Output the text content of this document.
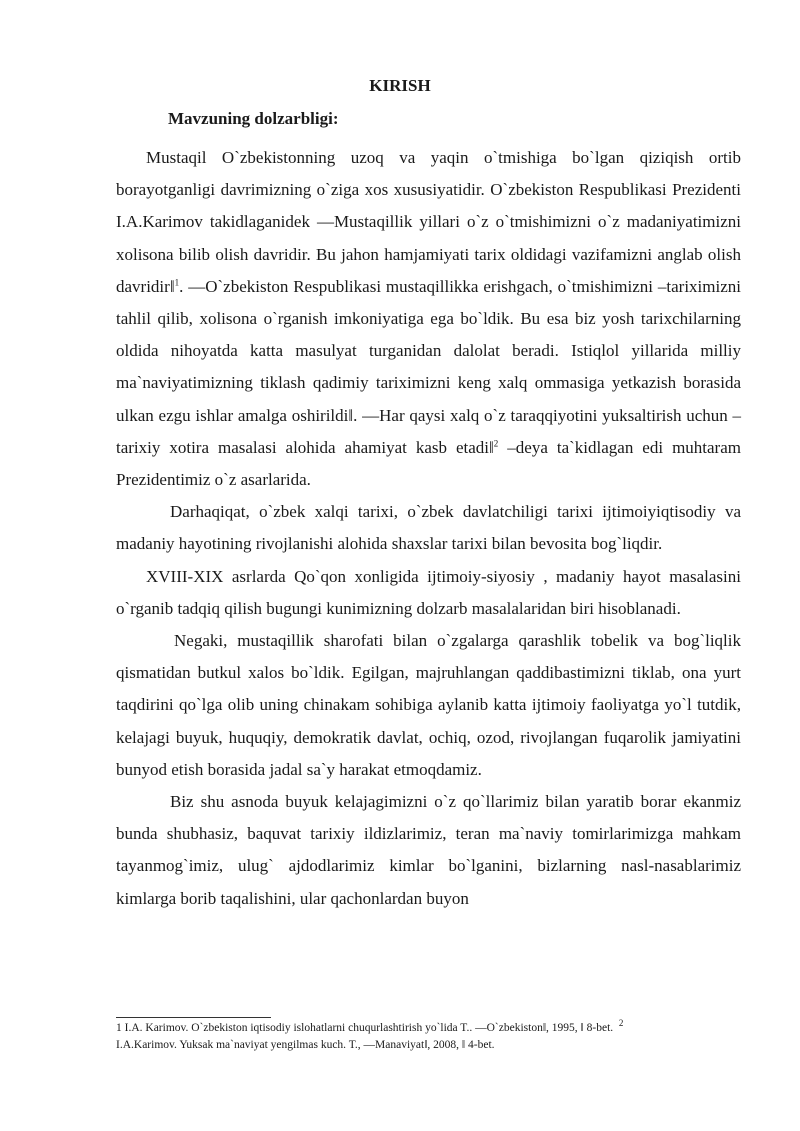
KIRISH
Mavzuning dolzarbligi:

Mustaqil O`zbekistonning uzoq va yaqin o`tmishiga bo`lgan qiziqish ortib borayotganligi davrimizning o`ziga xos xususiyatidir. O`zbekiston Respublikasi Prezidenti I.A.Karimov takidlaganidek ―Mustaqillik yillari o`z o`tmishimizni o`z madaniyatimizni xolisona bilib olish davridir. Bu jahon hamjamiyati tarix oldidagi vazifamizni anglab olish davridir‖$^1$. ―O`zbekiston Respublikasi mustaqillikka erishgach, o`tmishimizni –tariximizni tahlil qilib, xolisona o`rganish imkoniyatiga ega bo`ldik. Bu esa biz yosh tarixchilarning oldida nihoyatda katta masulyat turganidan dalolat beradi. Istiqlol yillarida milliy ma`naviyatimizning tiklash qadimiy tariximizni keng xalq ommasiga yetkazish borasida ulkan ezgu ishlar amalga oshirildi‖. ―Har qaysi xalq o`z taraqqiyotini yuksaltirish uchun – tarixiy xotira masalasi alohida ahamiyat kasb etadi‖$^2$ –deya ta`kidlagan edi muhtaram Prezidentimiz o`z asarlarida.

Darhaqiqat, o`zbek xalqi tarixi, o`zbek davlatchiligi tarixi ijtimoiyiqtisodiy va madaniy hayotining rivojlanishi alohida shaxslar tarixi bilan bevosita bog`liqdir.

XVIII-XIX asrlarda Qo`qon xonligida ijtimoiy-siyosiy , madaniy hayot masalasini o`rganib tadqiq qilish bugungi kunimizning dolzarb masalalaridan biri hisoblanadi.

Negaki, mustaqillik sharofati bilan o`zgalarga qarashlik tobelik va bog`liqlik qismatidan butkul xalos bo`ldik. Egilgan, majruhlangan qaddibastimizni tiklab, ona yurt taqdirini qo`lga olib uning chinakam sohibiga aylanib katta ijtimoiy faoliyatga yo`l tutdik, kelajagi buyuk, huquqiy, demokratik davlat, ochiq, ozod, rivojlangan fuqarolik jamiyatini bunyod etish borasida jadal sa`y harakat etmoqdamiz.

Biz shu asnoda buyuk kelajagimizni o`z qo`llarimiz bilan yaratib borar ekanmiz bunda shubhasiz, baquvat tarixiy ildizlarimiz, teran ma`naviy tomirlarimizga mahkam tayanmog`imiz, ulug` ajdodlarimiz kimlar bo`lganini, bizlarning nasl-nasablarimiz kimlarga borib taqalishini, ular qachonlardan buyon

1 I.A. Karimov. O`zbekiston iqtisodiy islohatlarni chuqurlashtirish yo`lida T.. ―O`zbekiston‖, 1995, ‖ 8-bet. $^2$
I.A.Karimov. Yuksak ma`naviyat yengilmas kuch. T., ―Manaviyat‖, 2008, ‖ 4-bet.
